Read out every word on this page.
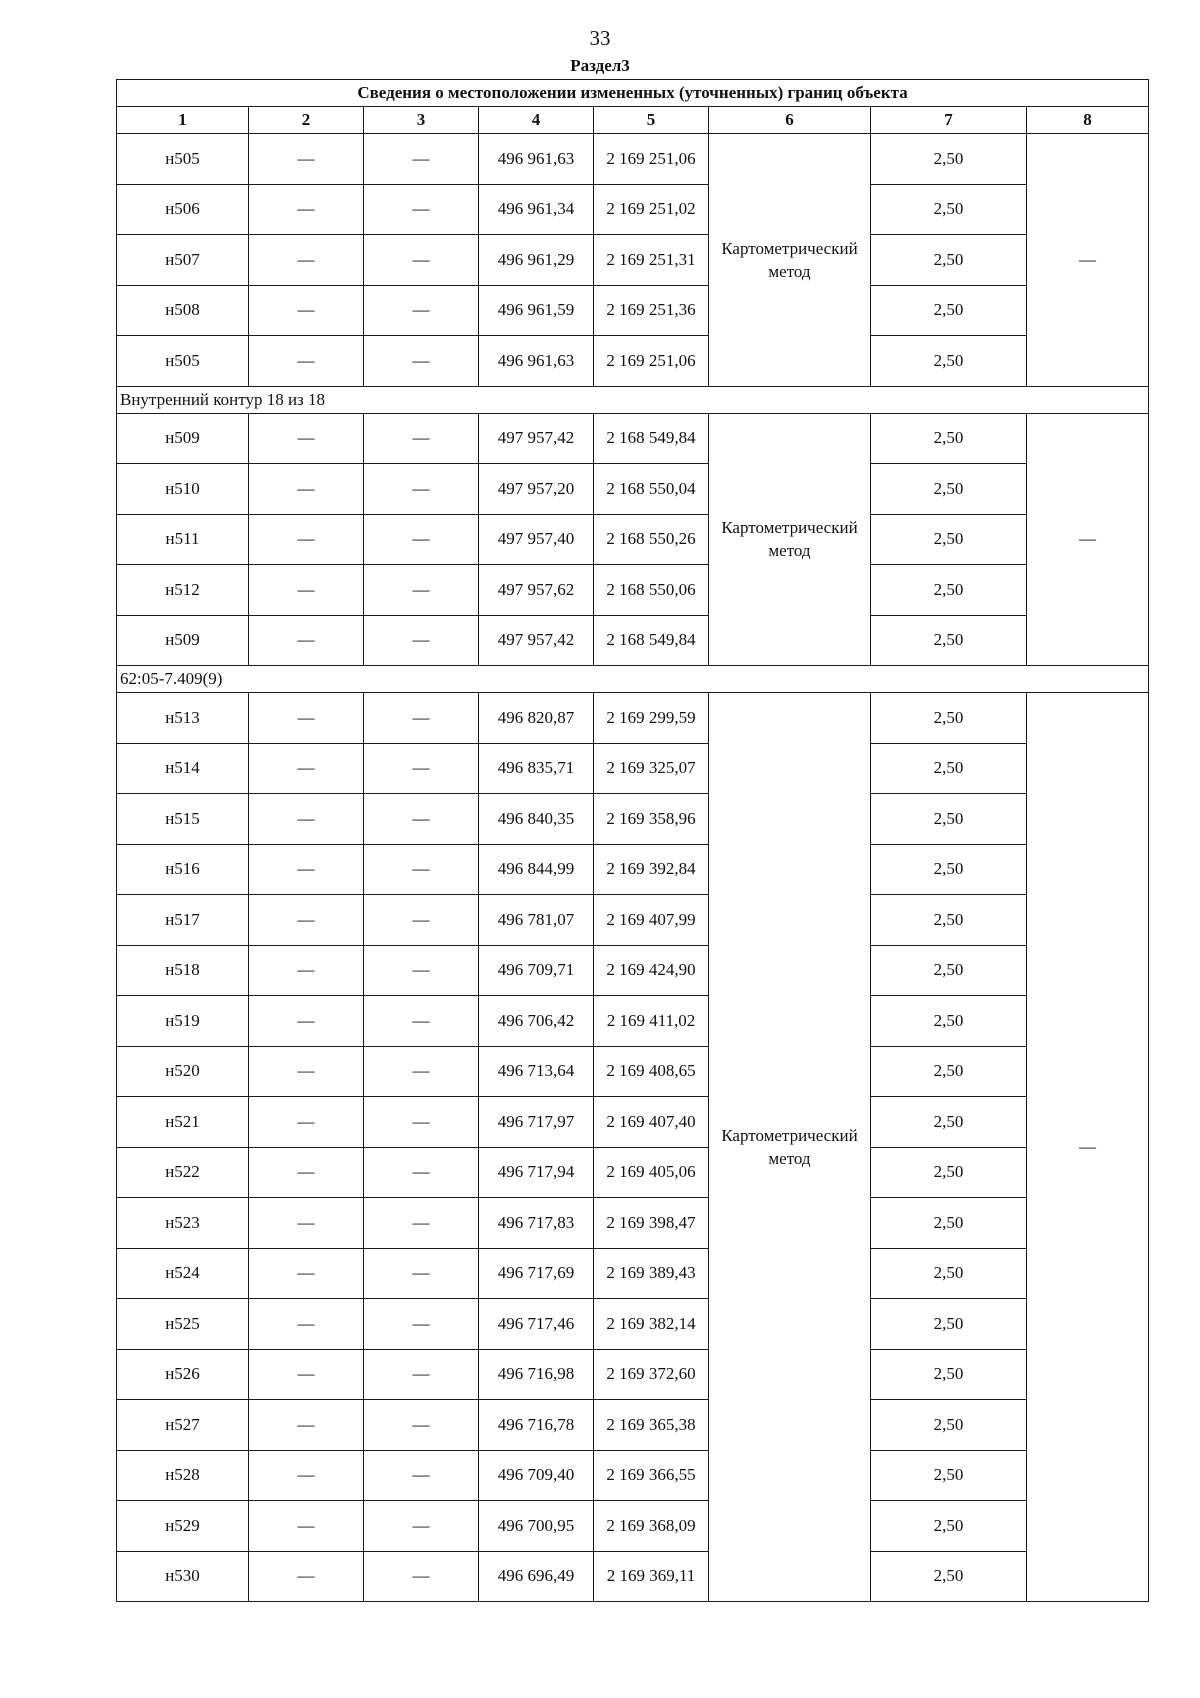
33
Раздел3
Сведения о местоположении измененных (уточненных) границ объекта							
1	2	3	4	5	6	7	8
н505	—	—	496 961,63	2 169 251,06	Картометрический метод	2,50	—
н506	—	—	496 961,34	2 169 251,02		2,50	
н507	—	—	496 961,29	2 169 251,31		2,50	
н508	—	—	496 961,59	2 169 251,36		2,50	
н505	—	—	496 961,63	2 169 251,06		2,50	
Внутренний контур 18 из 18							
н509	—	—	497 957,42	2 168 549,84	Картометрический метод	2,50	—
н510	—	—	497 957,20	2 168 550,04		2,50	
н511	—	—	497 957,40	2 168 550,26		2,50	
н512	—	—	497 957,62	2 168 550,06		2,50	
н509	—	—	497 957,42	2 168 549,84		2,50	
62:05-7.409(9)							
н513	—	—	496 820,87	2 169 299,59	Картометрический метод	2,50	—
н514	—	—	496 835,71	2 169 325,07		2,50	
н515	—	—	496 840,35	2 169 358,96		2,50	
н516	—	—	496 844,99	2 169 392,84		2,50	
н517	—	—	496 781,07	2 169 407,99		2,50	
н518	—	—	496 709,71	2 169 424,90		2,50	
н519	—	—	496 706,42	2 169 411,02		2,50	
н520	—	—	496 713,64	2 169 408,65		2,50	
н521	—	—	496 717,97	2 169 407,40		2,50	
н522	—	—	496 717,94	2 169 405,06		2,50	
н523	—	—	496 717,83	2 169 398,47		2,50	
н524	—	—	496 717,69	2 169 389,43		2,50	
н525	—	—	496 717,46	2 169 382,14		2,50	
н526	—	—	496 716,98	2 169 372,60		2,50	
н527	—	—	496 716,78	2 169 365,38		2,50	
н528	—	—	496 709,40	2 169 366,55		2,50	
н529	—	—	496 700,95	2 169 368,09		2,50	
н530	—	—	496 696,49	2 169 369,11		2,50	
